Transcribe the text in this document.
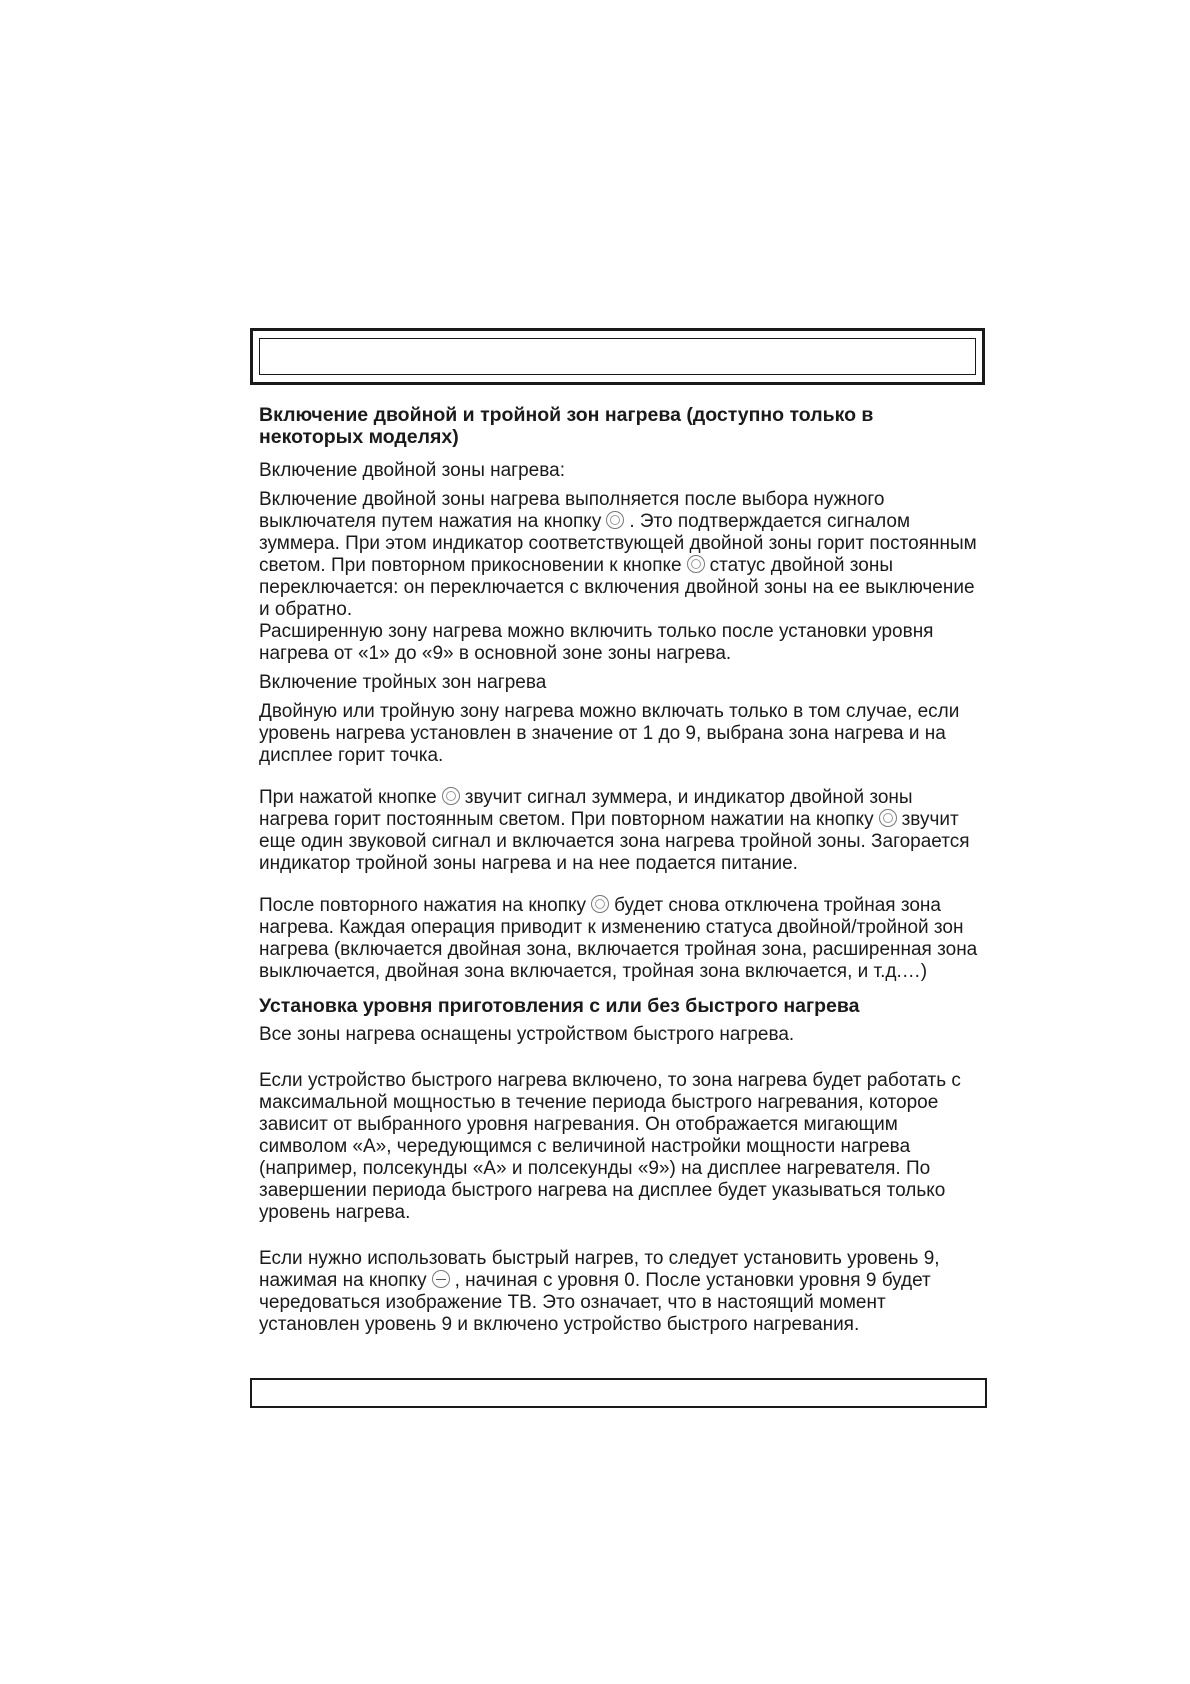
Включение двойной и тройной зон нагрева (доступно только в некоторых моделях)

Включение двойной зоны нагрева:

Включение двойной зоны нагрева выполняется после выбора нужного выключателя путем нажатия на кнопку . Это подтверждается сигналом зуммера. При этом индикатор соответствующей двойной зоны горит постоянным светом. При повторном прикосновении к кнопке статус двойной зоны переключается: он переключается с включения двойной зоны на ее выключение и обратно.

Расширенную зону нагрева можно включить только после установки уровня нагрева от «1» до «9» в основной зоне зоны нагрева.

Включение тройных зон нагрева

Двойную или тройную зону нагрева можно включать только в том случае, если уровень нагрева установлен в значение от 1 до 9, выбрана зона нагрева и на дисплее горит точка.

При нажатой кнопке звучит сигнал зуммера, и индикатор двойной зоны нагрева горит постоянным светом. При повторном нажатии на кнопку звучит еще один звуковой сигнал и включается зона нагрева тройной зоны. Загорается индикатор тройной зоны нагрева и на нее подается питание.

После повторного нажатия на кнопку будет снова отключена тройная зона нагрева. Каждая операция приводит к изменению статуса двойной/тройной зон нагрева (включается двойная зона, включается тройная зона, расширенная зона выключается, двойная зона включается, тройная зона включается, и т.д.…)

Установка уровня приготовления с или без быстрого нагрева

Все зоны нагрева оснащены устройством быстрого нагрева.

Если устройство быстрого нагрева включено, то зона нагрева будет работать с максимальной мощностью в течение периода быстрого нагревания, которое зависит от выбранного уровня нагревания. Он отображается мигающим символом «A», чередующимся с величиной настройки мощности нагрева (например, полсекунды «A» и полсекунды «9») на дисплее нагревателя. По завершении периода быстрого нагрева на дисплее будет указываться только уровень нагрева.

Если нужно использовать быстрый нагрев, то следует установить уровень 9, нажимая на кнопку , начиная с уровня 0. После установки уровня 9 будет чередоваться изображение ТВ. Это означает, что в настоящий момент установлен уровень 9 и включено устройство быстрого нагревания.
